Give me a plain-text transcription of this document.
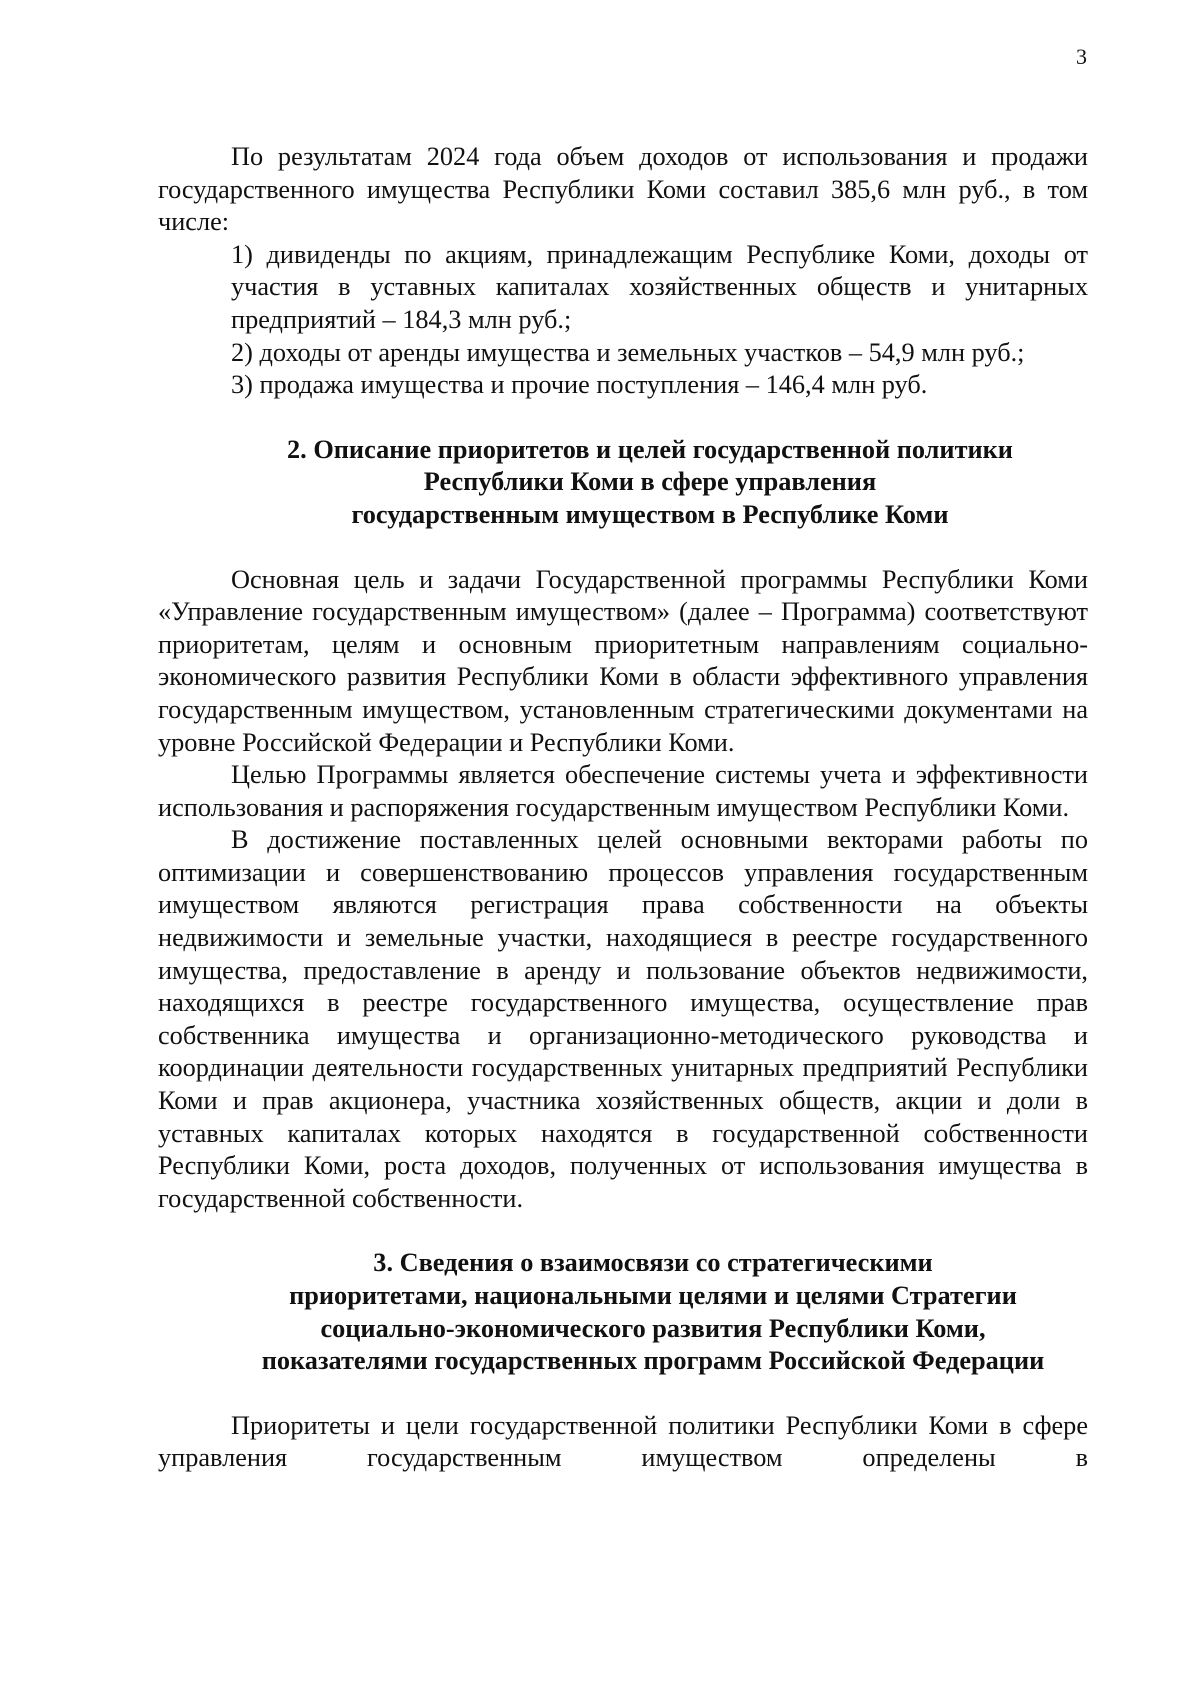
3

По результатам 2024 года объем доходов от использования и продажи государственного имущества Республики Коми составил 385,6 млн руб., в том числе:

1) дивиденды по акциям, принадлежащим Республике Коми, доходы от участия в уставных капиталах хозяйственных обществ и унитарных предприятий – 184,3 млн руб.;
2) доходы от аренды имущества и земельных участков – 54,9 млн руб.;
3) продажа имущества и прочие поступления – 146,4 млн руб.
2. Описание приоритетов и целей государственной политики
Республики Коми в сфере управления
государственным имуществом в Республике Коми

Основная цель и задачи Государственной программы Республики Коми «Управление государственным имуществом» (далее – Программа) соответствуют приоритетам, целям и основным приоритетным направлениям социально-экономического развития Республики Коми в области эффективного управления государственным имуществом, установленным стратегическими документами на уровне Российской Федерации и Республики Коми.

Целью Программы является обеспечение системы учета и эффективности использования и распоряжения государственным имуществом Республики Коми.

В достижение поставленных целей основными векторами работы по оптимизации и совершенствованию процессов управления государственным имуществом являются регистрация права собственности на объекты недвижимости и земельные участки, находящиеся в реестре государственного имущества, предоставление в аренду и пользование объектов недвижимости, находящихся в реестре государственного имущества, осуществление прав собственника имущества и организационно-методического руководства и координации деятельности государственных унитарных предприятий Республики Коми и прав акционера, участника хозяйственных обществ, акции и доли в уставных капиталах которых находятся в государственной собственности Республики Коми, роста доходов, полученных от использования имущества в государственной собственности.

3. Сведения о взаимосвязи со стратегическими
приоритетами, национальными целями и целями Стратегии
социально-экономического развития Республики Коми,
показателями государственных программ Российской Федерации

Приоритеты и цели государственной политики Республики Коми в сфере управления государственным имуществом определены в
